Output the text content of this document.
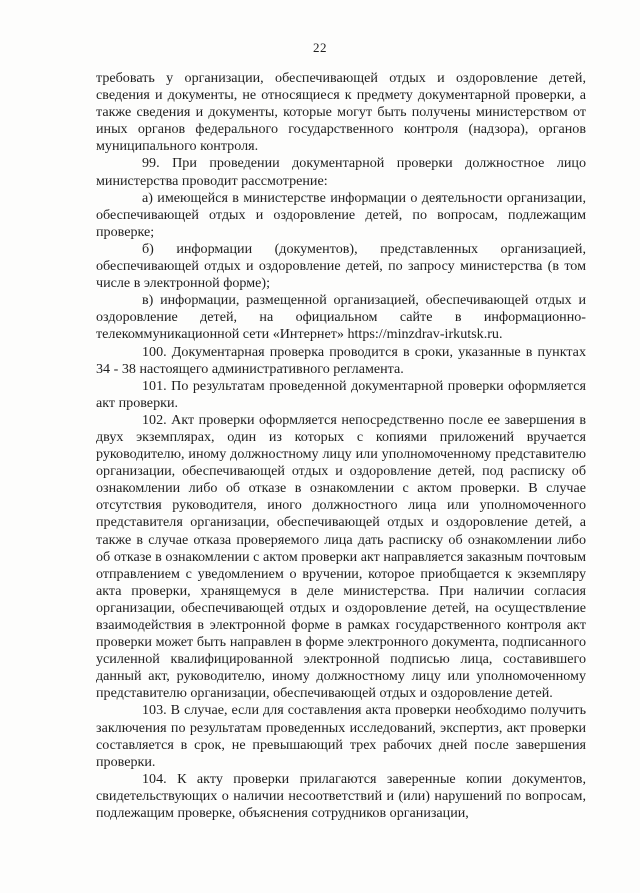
22

требовать у организации, обеспечивающей отдых и оздоровление детей, сведения и документы, не относящиеся к предмету документарной проверки, а также сведения и документы, которые могут быть получены министерством от иных органов федерального государственного контроля (надзора), органов муниципального контроля.

99. При проведении документарной проверки должностное лицо министерства проводит рассмотрение:

а) имеющейся в министерстве информации о деятельности организации, обеспечивающей отдых и оздоровление детей, по вопросам, подлежащим проверке;

б) информации (документов), представленных организацией, обеспечивающей отдых и оздоровление детей, по запросу министерства (в том числе в электронной форме);

в) информации, размещенной организацией, обеспечивающей отдых и оздоровление детей, на официальном сайте в информационно-телекоммуникационной сети «Интернет» https://minzdrav-irkutsk.ru.

100. Документарная проверка проводится в сроки, указанные в пунктах 34 - 38 настоящего административного регламента.

101. По результатам проведенной документарной проверки оформляется акт проверки.

102. Акт проверки оформляется непосредственно после ее завершения в двух экземплярах, один из которых с копиями приложений вручается руководителю, иному должностному лицу или уполномоченному представителю организации, обеспечивающей отдых и оздоровление детей, под расписку об ознакомлении либо об отказе в ознакомлении с актом проверки. В случае отсутствия руководителя, иного должностного лица или уполномоченного представителя организации, обеспечивающей отдых и оздоровление детей, а также в случае отказа проверяемого лица дать расписку об ознакомлении либо об отказе в ознакомлении с актом проверки акт направляется заказным почтовым отправлением с уведомлением о вручении, которое приобщается к экземпляру акта проверки, хранящемуся в деле министерства. При наличии согласия организации, обеспечивающей отдых и оздоровление детей, на осуществление взаимодействия в электронной форме в рамках государственного контроля акт проверки может быть направлен в форме электронного документа, подписанного усиленной квалифицированной электронной подписью лица, составившего данный акт, руководителю, иному должностному лицу или уполномоченному представителю организации, обеспечивающей отдых и оздоровление детей.

103. В случае, если для составления акта проверки необходимо получить заключения по результатам проведенных исследований, экспертиз, акт проверки составляется в срок, не превышающий трех рабочих дней после завершения проверки.

104. К акту проверки прилагаются заверенные копии документов, свидетельствующих о наличии несоответствий и (или) нарушений по вопросам, подлежащим проверке, объяснения сотрудников организации,
